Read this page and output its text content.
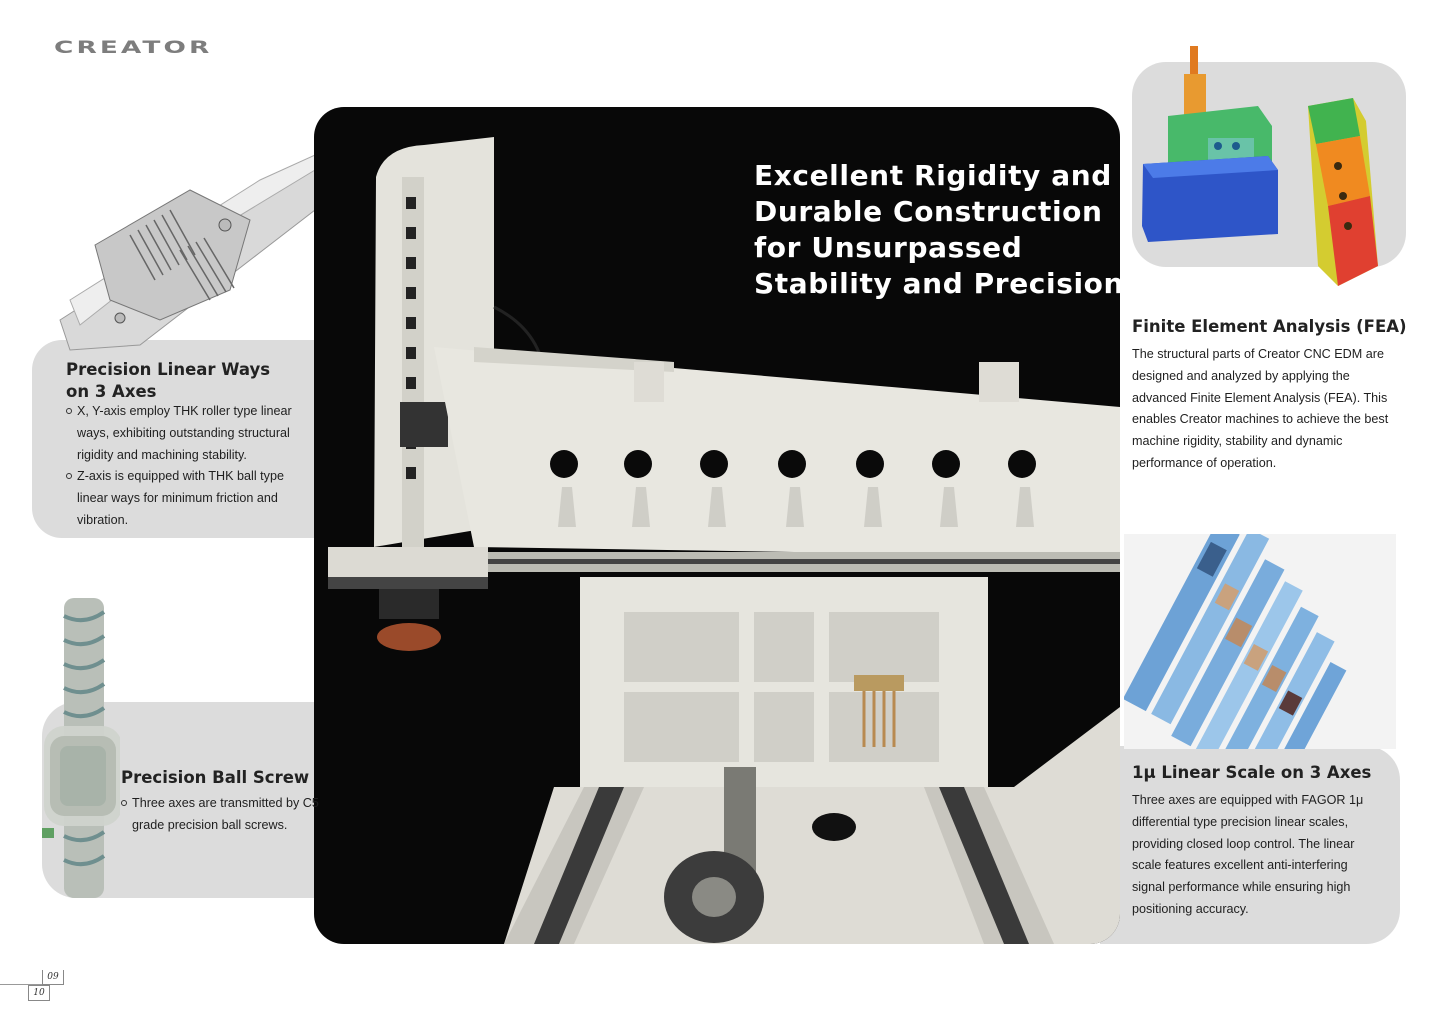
CREATOR
Excellent Rigidity and
Durable Construction
for Unsurpassed
Stability and Precision
Precision Linear Ways
on 3 Axes
X, Y-axis employ THK roller type linear ways, exhibiting outstanding structural rigidity and machining stability.
Z-axis is equipped with THK ball type linear ways for minimum friction and vibration.
Precision Ball Screw
Three axes are transmitted by C5 grade precision ball screws.
Finite Element Analysis (FEA)
The structural parts of Creator CNC EDM are designed and analyzed by applying the advanced Finite Element Analysis (FEA). This enables Creator machines to achieve the best machine rigidity, stability and dynamic performance of operation.
1μ Linear Scale on 3 Axes
Three axes are equipped with FAGOR 1μ differential type precision linear scales, providing closed loop control. The linear scale features excellent anti-interfering signal performance while ensuring high positioning accuracy.
09
10
